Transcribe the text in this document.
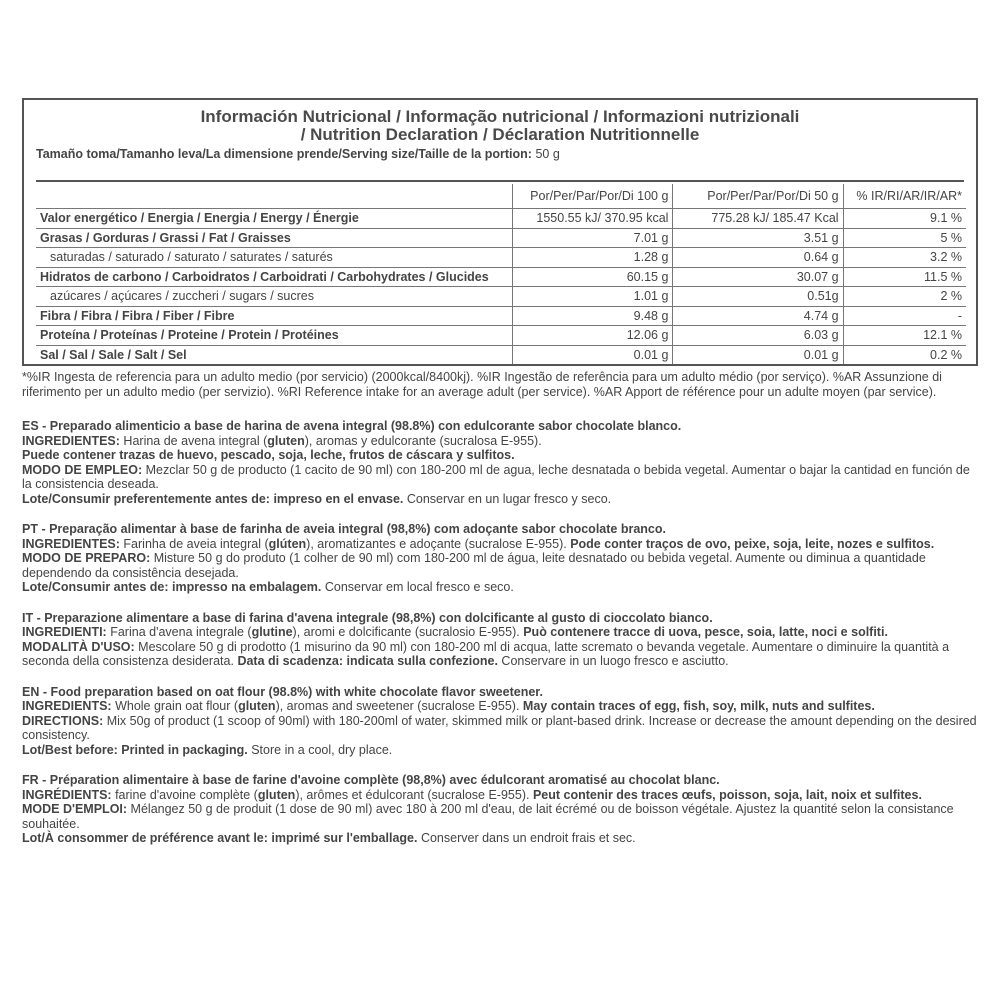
Información Nutricional / Informação nutricional / Informazioni nutrizionali
/ Nutrition Declaration / Déclaration Nutritionnelle
Tamaño toma/Tamanho leva/La dimensione prende/Serving size/Taille de la portion: 50 g
	Por/Per/Par/Por/Di 100 g	Por/Per/Par/Por/Di 50 g	% IR/RI/AR/IR/AR*
Valor energético / Energia / Energia / Energy / Énergie	1550.55 kJ/ 370.95 kcal	775.28 kJ/ 185.47 Kcal	9.1 %
Grasas / Gorduras / Grassi / Fat / Graisses	7.01 g	3.51 g	5 %
saturadas / saturado / saturato / saturates / saturés	1.28 g	0.64 g	3.2 %
Hidratos de carbono / Carboidratos / Carboidrati / Carbohydrates / Glucides	60.15 g	30.07 g	11.5 %
azúcares / açúcares / zuccheri / sugars / sucres	1.01 g	0.51g	2 %
Fibra / Fibra / Fibra / Fiber / Fibre	9.48 g	4.74 g	-
Proteína / Proteínas / Proteine / Protein / Protéines	12.06 g	6.03 g	12.1 %
Sal / Sal / Sale / Salt / Sel	0.01 g	0.01 g	0.2 %

*%IR Ingesta de referencia para un adulto medio (por servicio) (2000kcal/8400kj). %IR Ingestão de referência para um adulto médio (por serviço). %AR Assunzione di riferimento per un adulto medio (per servizio). %RI Reference intake for an average adult (per service). %AR Apport de référence pour un adulte moyen (par service).

ES - Preparado alimenticio a base de harina de avena integral (98.8%) con edulcorante sabor chocolate blanco.

INGREDIENTES: Harina de avena integral (gluten), aromas y edulcorante (sucralosa E-955).

Puede contener trazas de huevo, pescado, soja, leche, frutos de cáscara y sulfitos.

MODO DE EMPLEO: Mezclar 50 g de producto (1 cacito de 90 ml) con 180-200 ml de agua, leche desnatada o bebida vegetal. Aumentar o bajar la cantidad en función de la consistencia deseada.

Lote/Consumir preferentemente antes de: impreso en el envase. Conservar en un lugar fresco y seco.

PT - Preparação alimentar à base de farinha de aveia integral (98,8%) com adoçante sabor chocolate branco.

INGREDIENTES: Farinha de aveia integral (glúten), aromatizantes e adoçante (sucralose E-955). Pode conter traços de ovo, peixe, soja, leite, nozes e sulfitos.

MODO DE PREPARO: Misture 50 g do produto (1 colher de 90 ml) com 180-200 ml de água, leite desnatado ou bebida vegetal. Aumente ou diminua a quantidade dependendo da consistência desejada.

Lote/Consumir antes de: impresso na embalagem. Conservar em local fresco e seco.

IT - Preparazione alimentare a base di farina d'avena integrale (98,8%) con dolcificante al gusto di cioccolato bianco.

INGREDIENTI: Farina d'avena integrale (glutine), aromi e dolcificante (sucralosio E-955). Può contenere tracce di uova, pesce, soia, latte, noci e solfiti.

MODALITÀ D'USO: Mescolare 50 g di prodotto (1 misurino da 90 ml) con 180-200 ml di acqua, latte scremato o bevanda vegetale. Aumentare o diminuire la quantità a seconda della consistenza desiderata. Data di scadenza: indicata sulla confezione. Conservare in un luogo fresco e asciutto.

EN - Food preparation based on oat flour (98.8%) with white chocolate flavor sweetener.

INGREDIENTS: Whole grain oat flour (gluten), aromas and sweetener (sucralose E-955). May contain traces of egg, fish, soy, milk, nuts and sulfites.

DIRECTIONS: Mix 50g of product (1 scoop of 90ml) with 180-200ml of water, skimmed milk or plant-based drink. Increase or decrease the amount depending on the desired consistency.

Lot/Best before: Printed in packaging. Store in a cool, dry place.

FR - Préparation alimentaire à base de farine d'avoine complète (98,8%) avec édulcorant aromatisé au chocolat blanc.

INGRÉDIENTS: farine d'avoine complète (gluten), arômes et édulcorant (sucralose E-955). Peut contenir des traces œufs, poisson, soja, lait, noix et sulfites.

MODE D'EMPLOI: Mélangez 50 g de produit (1 dose de 90 ml) avec 180 à 200 ml d'eau, de lait écrémé ou de boisson végétale. Ajustez la quantité selon la consistance souhaitée.

Lot/À consommer de préférence avant le: imprimé sur l'emballage. Conserver dans un endroit frais et sec.
